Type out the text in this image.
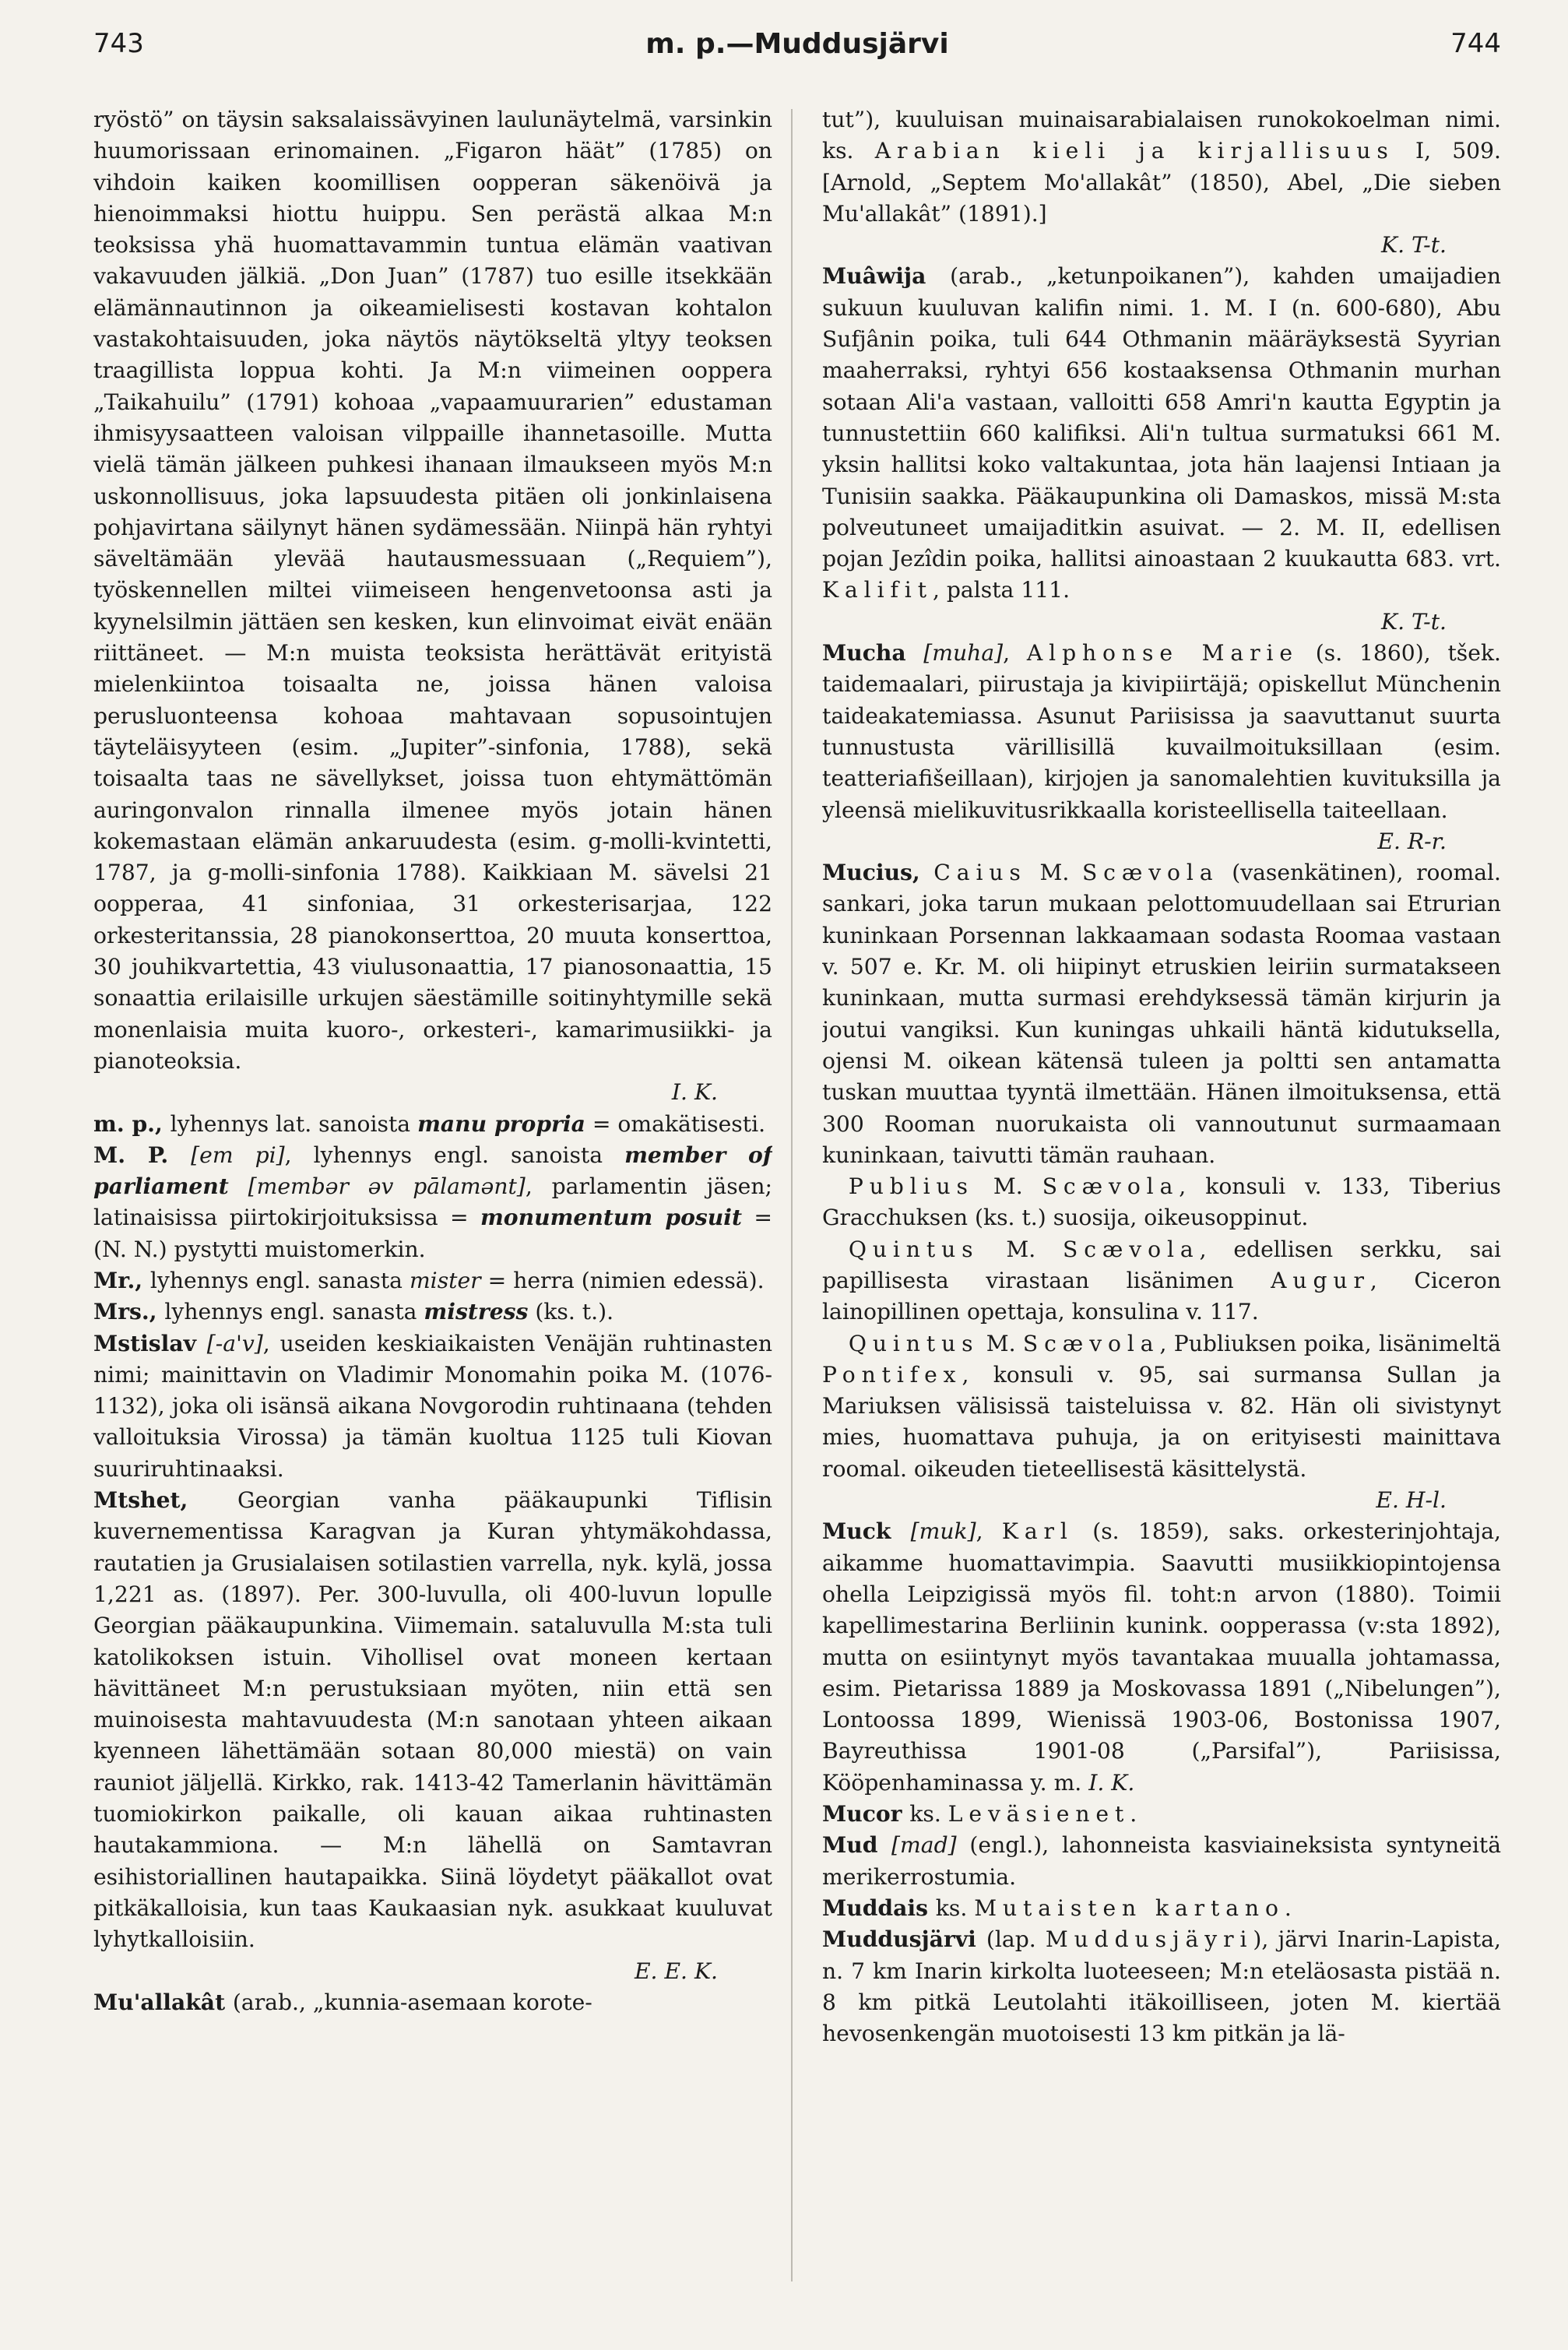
743	m. p.—Muddusjärvi	744

ryöstö” on täysin saksalaissävyinen laulunäytelmä, varsinkin huumorissaan erinomainen. „Figaron häät” (1785) on vihdoin kaiken koomillisen oopperan säkenöivä ja hienoimmaksi hiottu huippu. Sen perästä alkaa M:n teoksissa yhä huomattavammin tuntua elämän vaativan vakavuuden jälkiä. „Don Juan” (1787) tuo esille itsekkään elämännautinnon ja oikeamielisesti kostavan kohtalon vastakohtaisuuden, joka näytös näytökseltä yltyy teoksen traagillista loppua kohti. Ja M:n viimeinen ooppera „Taikahuilu” (1791) kohoaa „vapaamuurarien” edustaman ihmisyysaatteen valoisan vilppaille ihannetasoille. Mutta vielä tämän jälkeen puhkesi ihanaan ilmaukseen myös M:n uskonnollisuus, joka lapsuudesta pitäen oli jonkinlaisena pohjavirtana säilynyt hänen sydämessään. Niinpä hän ryhtyi säveltämään ylevää hautausmessuaan („Requiem”), työskennellen miltei viimeiseen hengenvetoonsa asti ja kyynelsilmin jättäen sen kesken, kun elinvoimat eivät enään riittäneet. — M:n muista teoksista herättävät erityistä mielenkiintoa toisaalta ne, joissa hänen valoisa perusluonteensa kohoaa mahtavaan sopusointujen täyteläisyyteen (esim. „Jupiter”-sinfonia, 1788), sekä toisaalta taas ne sävellykset, joissa tuon ehtymättömän auringonvalon rinnalla ilmenee myös jotain hänen kokemastaan elämän ankaruudesta (esim. g-molli-kvintetti, 1787, ja g-molli-sinfonia 1788). Kaikkiaan M. sävelsi 21 oopperaa, 41 sinfoniaa, 31 orkesterisarjaa, 122 orkesteritanssia, 28 pianokonserttoa, 20 muuta konserttoa, 30 jouhikvartettia, 43 viulusonaattia, 17 pianosonaattia, 15 sonaattia erilaisille urkujen säestämille soitinyhtymille sekä monenlaisia muita kuoro-, orkesteri-, kamarimusiikki- ja pianoteoksia.
I. K.

m. p., lyhennys lat. sanoista manu propria = omakätisesti.

M. P. [em pi], lyhennys engl. sanoista member of parliament [membər əv pālamənt], parlamentin jäsen; latinaisissa piirtokirjoituksissa = monumentum posuit = (N. N.) pystytti muistomerkin.

Mr., lyhennys engl. sanasta mister = herra (nimien edessä).

Mrs., lyhennys engl. sanasta mistress (ks. t.).

Mstislav [-a'v], useiden keskiaikaisten Venäjän ruhtinasten nimi; mainittavin on Vladimir Monomahin poika M. (1076-1132), joka oli isänsä aikana Novgorodin ruhtinaana (tehden valloituksia Virossa) ja tämän kuoltua 1125 tuli Kiovan suuriruhtinaaksi.

Mtshet, Georgian vanha pääkaupunki Tiflisin kuvernementissa Karagvan ja Kuran yhtymäkohdassa, rautatien ja Grusialaisen sotilastien varrella, nyk. kylä, jossa 1,221 as. (1897). Per. 300-luvulla, oli 400-luvun lopulle Georgian pääkaupunkina. Viimemain. sataluvulla M:sta tuli katolikoksen istuin. Vihollisel ovat moneen kertaan hävittäneet M:n perustuksiaan myöten, niin että sen muinoisesta mahtavuudesta (M:n sanotaan yhteen aikaan kyenneen lähettämään sotaan 80,000 miestä) on vain rauniot jäljellä. Kirkko, rak. 1413-42 Tamerlanin hävittämän tuomiokirkon paikalle, oli kauan aikaa ruhtinasten hautakammiona. — M:n lähellä on Samtavran esihistoriallinen hautapaikka. Siinä löydetyt pääkallot ovat pitkäkalloisia, kun taas Kaukaasian nyk. asukkaat kuuluvat lyhytkalloisiin.
E. E. K.

Mu'allakât (arab., „kunnia-asemaan korote-

tut”), kuuluisan muinaisarabialaisen runokokoelman nimi. ks. Arabian kieli ja kirjallisuus I, 509. [Arnold, „Septem Mo'allakât” (1850), Abel, „Die sieben Mu'allakât” (1891).]
K. T-t.

Muâwija (arab., „ketunpoikanen”), kahden umaijadien sukuun kuuluvan kalifin nimi. 1. M. I (n. 600-680), Abu Sufjânin poika, tuli 644 Othmanin määräyksestä Syyrian maaherraksi, ryhtyi 656 kostaaksensa Othmanin murhan sotaan Ali'a vastaan, valloitti 658 Amri'n kautta Egyptin ja tunnustettiin 660 kalifiksi. Ali'n tultua surmatuksi 661 M. yksin hallitsi koko valtakuntaa, jota hän laajensi Intiaan ja Tunisiin saakka. Pääkaupunkina oli Damaskos, missä M:sta polveutuneet umaijaditkin asuivat. — 2. M. II, edellisen pojan Jezîdin poika, hallitsi ainoastaan 2 kuukautta 683. vrt. Kalifit, palsta 111.
K. T-t.

Mucha [muha], Alphonse Marie (s. 1860), tšek. taidemaalari, piirustaja ja kivipiirtäjä; opiskellut Münchenin taideakatemiassa. Asunut Pariisissa ja saavuttanut suurta tunnustusta värillisillä kuvailmoituksillaan (esim. teatteriafišeillaan), kirjojen ja sanomalehtien kuvituksilla ja yleensä mielikuvitusrikkaalla koristeellisella taiteellaan.
E. R-r.

Mucius, Caius M. Scævola (vasenkätinen), roomal. sankari, joka tarun mukaan pelottomuudellaan sai Etrurian kuninkaan Porsennan lakkaamaan sodasta Roomaa vastaan v. 507 e. Kr. M. oli hiipinyt etruskien leiriin surmatakseen kuninkaan, mutta surmasi erehdyksessä tämän kirjurin ja joutui vangiksi. Kun kuningas uhkaili häntä kidutuksella, ojensi M. oikean kätensä tuleen ja poltti sen antamatta tuskan muuttaa tyyntä ilmettään. Hänen ilmoituksensa, että 300 Rooman nuorukaista oli vannoutunut surmaamaan kuninkaan, taivutti tämän rauhaan.

Publius M. Scævola, konsuli v. 133, Tiberius Gracchuksen (ks. t.) suosija, oikeusoppinut.

Quintus M. Scævola, edellisen serkku, sai papillisesta virastaan lisänimen Augur, Ciceron lainopillinen opettaja, konsulina v. 117.

Quintus M. Scævola, Publiuksen poika, lisänimeltä Pontifex, konsuli v. 95, sai surmansa Sullan ja Mariuksen välisissä taisteluissa v. 82. Hän oli sivistynyt mies, huomattava puhuja, ja on erityisesti mainittava roomal. oikeuden tieteellisestä käsittelystä.
E. H-l.

Muck [muk], Karl (s. 1859), saks. orkesterinjohtaja, aikamme huomattavimpia. Saavutti musiikkiopintojensa ohella Leipzigissä myös fil. toht:n arvon (1880). Toimii kapellimestarina Berliinin kunink. oopperassa (v:sta 1892), mutta on esiintynyt myös tavantakaa muualla johtamassa, esim. Pietarissa 1889 ja Moskovassa 1891 („Nibelungen”), Lontoossa 1899, Wienissä 1903-06, Bostonissa 1907, Bayreuthissa 1901-08 („Parsifal”), Pariisissa, Kööpenhaminassa y. m. I. K.

Mucor ks. Leväsienet.

Mud [mad] (engl.), lahonneista kasviaineksista syntyneitä merikerrostumia.

Muddais ks. Mutaisten kartano.

Muddusjärvi (lap. Muddusjäyri), järvi Inarin-Lapista, n. 7 km Inarin kirkolta luoteeseen; M:n eteläosasta pistää n. 8 km pitkä Leutolahti itäkoilliseen, joten M. kiertää hevosenkengän muotoisesti 13 km pitkän ja lä-
